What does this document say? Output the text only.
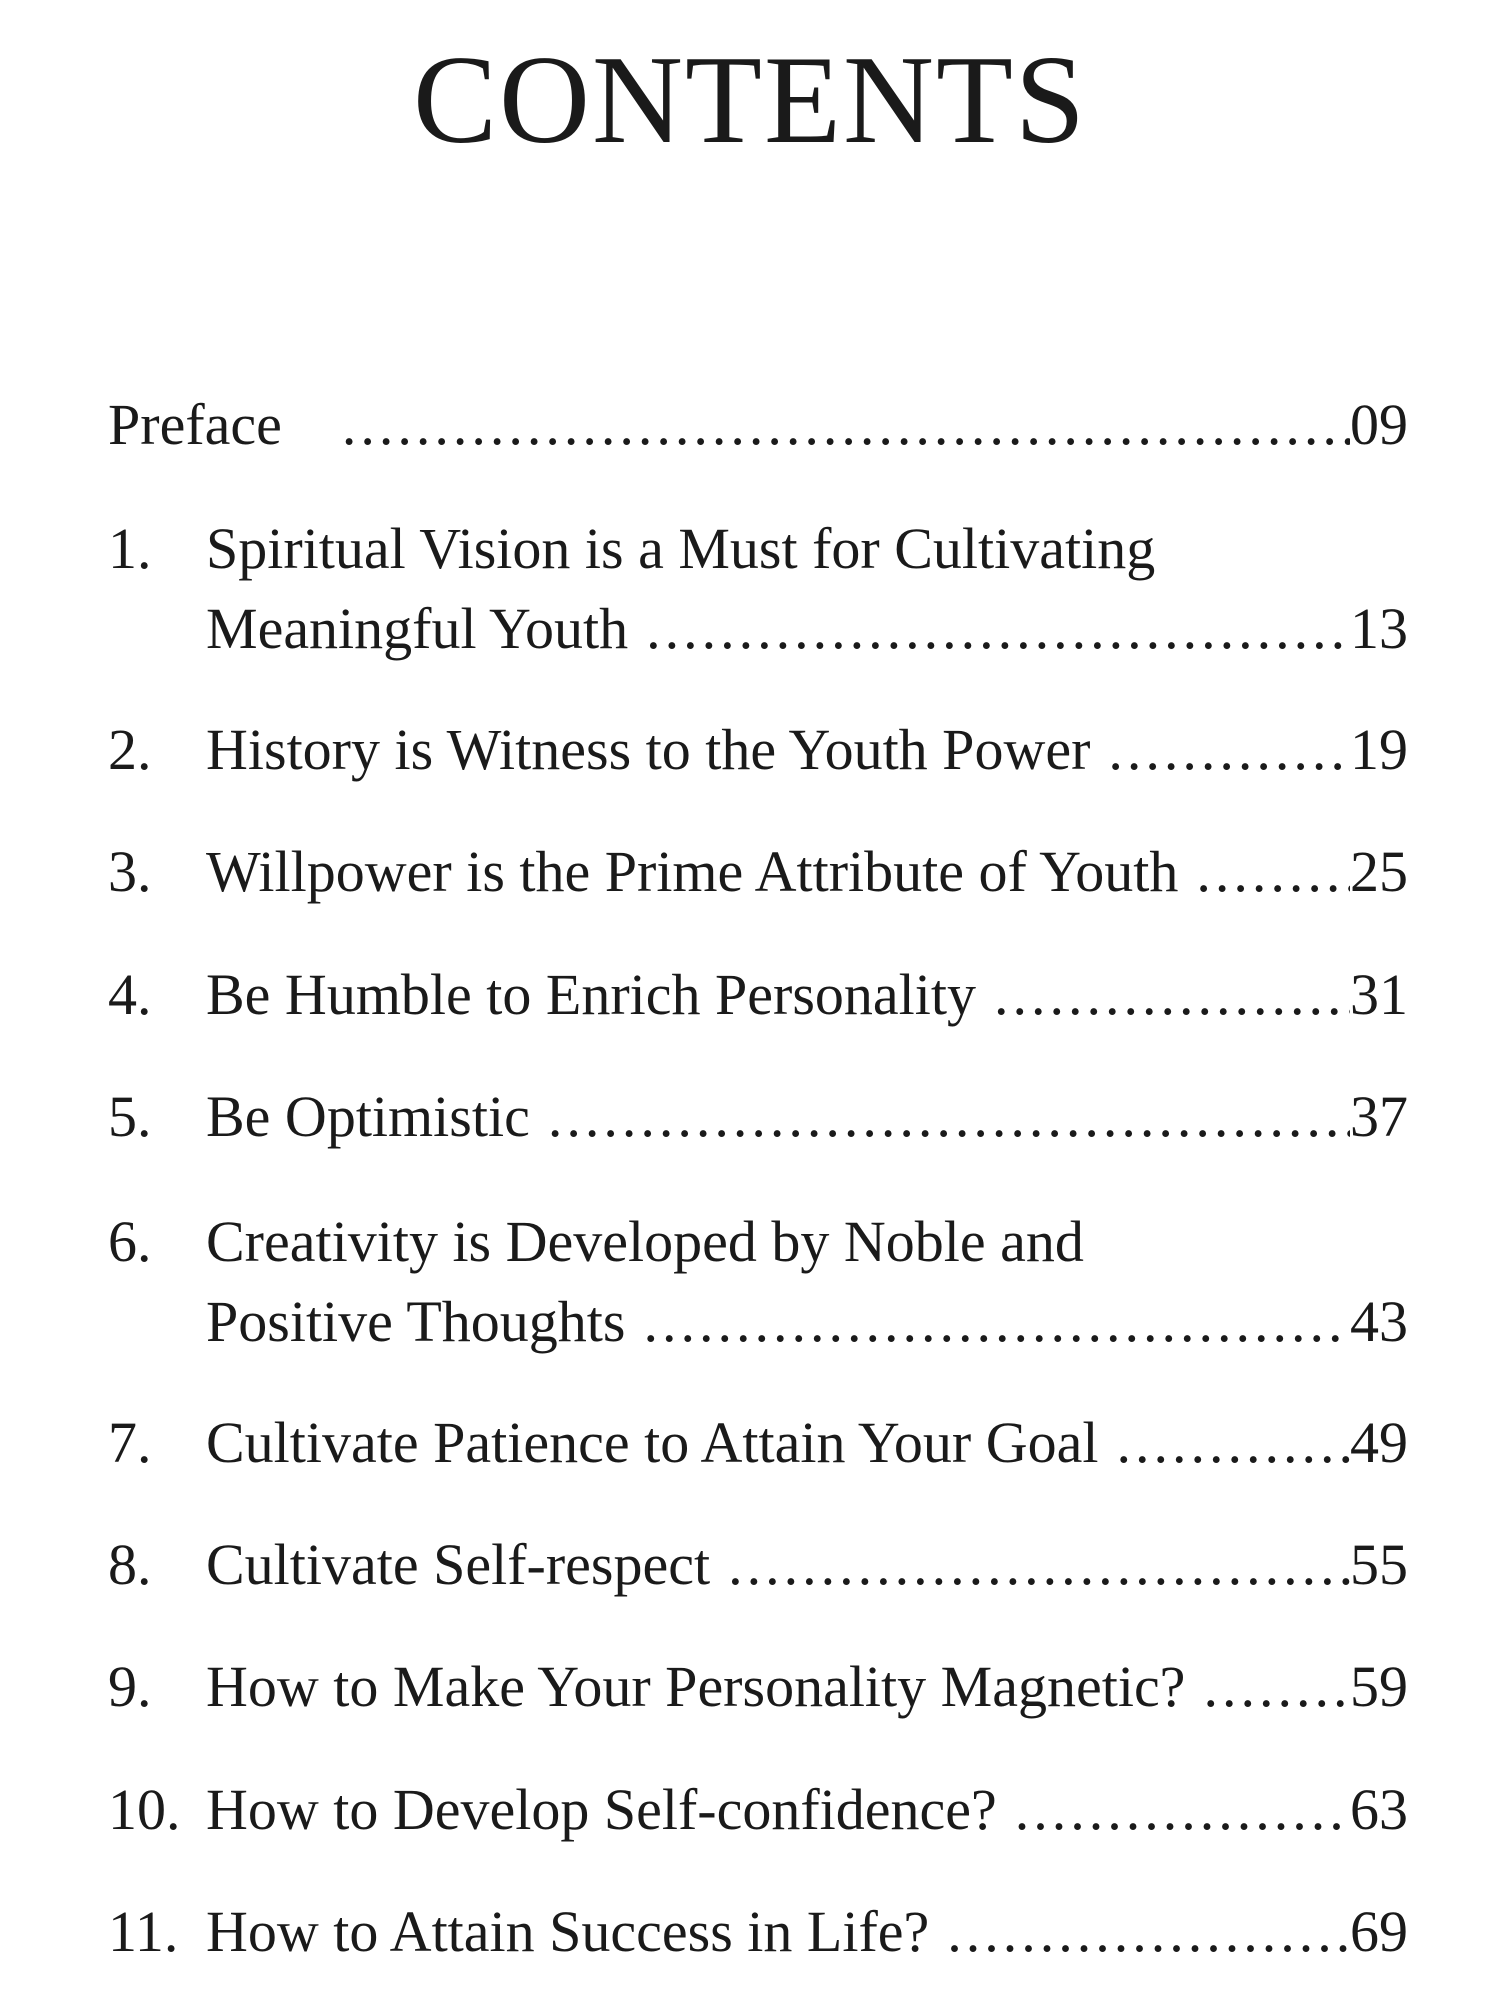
CONTENTS
Preface .....	09
1. Spiritual Vision is a Must for Cultivating
Meaningful Youth .....	13
2. History is Witness to the Youth Power .....	19
3. Willpower is the Prime Attribute of Youth .....	25
4. Be Humble to Enrich Personality .....	31
5. Be Optimistic .....	37
6. Creativity is Developed by Noble and
Positive Thoughts .....	43
7. Cultivate Patience to Attain Your Goal .....	49
8. Cultivate Self-respect .....	55
9. How to Make Your Personality Magnetic? .....	59
10. How to Develop Self-confidence? .....	63
11. How to Attain Success in Life? .....	69
